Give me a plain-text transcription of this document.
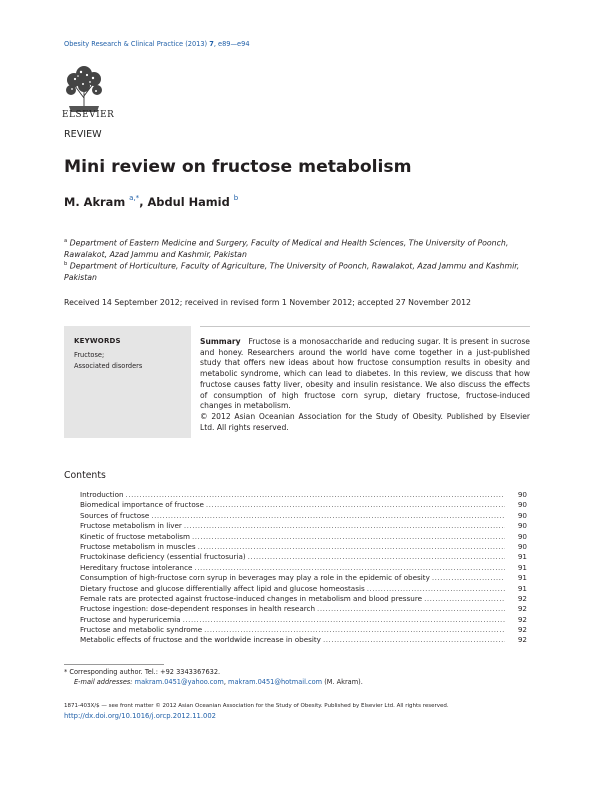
Obesity Research & Clinical Practice (2013) 7, e89—e94
ELSEVIER
REVIEW
Mini review on fructose metabolism
M. Akram $^{a,*}$, Abdul Hamid $^b$
$^a$ Department of Eastern Medicine and Surgery, Faculty of Medical and Health Sciences, The University of Poonch, Rawalakot, Azad Jammu and Kashmir, Pakistan
$^b$ Department of Horticulture, Faculty of Agriculture, The University of Poonch, Rawalakot, Azad Jammu and Kashmir, Pakistan
Received 14 September 2012; received in revised form 1 November 2012; accepted 27 November 2012
KEYWORDS
Fructose;
Associated disorders
Summary Fructose is a monosaccharide and reducing sugar. It is present in sucrose and honey. Researchers around the world have come together in a just-published study that offers new ideas about how fructose consumption results in obesity and metabolic syndrome, which can lead to diabetes. In this review, we discuss that how fructose causes fatty liver, obesity and insulin resistance. We also discuss the effects of consumption of high fructose corn syrup, dietary fructose, fructose-induced changes in metabolism.
© 2012 Asian Oceanian Association for the Study of Obesity. Published by Elsevier Ltd. All rights reserved.
Contents
Introduction .....	90
Biomedical importance of fructose .....	90
Sources of fructose .....	90
Fructose metabolism in liver .....	90
Kinetic of fructose metabolism .....	90
Fructose metabolism in muscles .....	90
Fructokinase deficiency (essential fructosuria) .....	91
Hereditary fructose intolerance .....	91
Consumption of high-fructose corn syrup in beverages may play a role in the epidemic of obesity .....	91
Dietary fructose and glucose differentially affect lipid and glucose homeostasis .....	91
Female rats are protected against fructose-induced changes in metabolism and blood pressure .....	92
Fructose ingestion: dose-dependent responses in health research .....	92
Fructose and hyperuricemia .....	92
Fructose and metabolic syndrome .....	92
Metabolic effects of fructose and the worldwide increase in obesity .....	92
* Corresponding author. Tel.: +92 3343367632.
E-mail addresses: makram.0451@yahoo.com, makram.0451@hotmail.com (M. Akram).
1871-403X/$ — see front matter © 2012 Asian Oceanian Association for the Study of Obesity. Published by Elsevier Ltd. All rights reserved.
http://dx.doi.org/10.1016/j.orcp.2012.11.002
